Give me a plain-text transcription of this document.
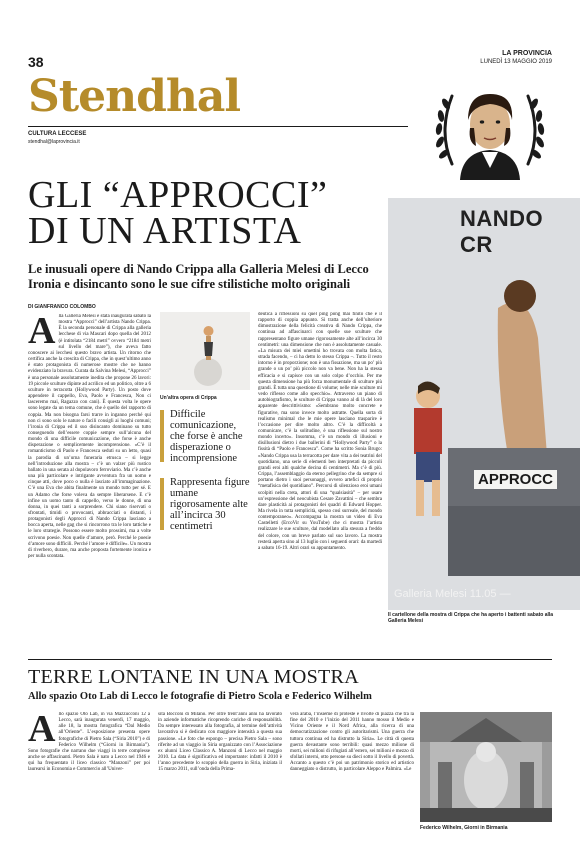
38
LA PROVINCIA
LUNEDÌ 13 MAGGIO 2019
Stendhal
CULTURA LECCESE
stendhal@laprovincia.it
GLI “APPROCCI”
DI UN ARTISTA
Le inusuali opere di Nando Crippa alla Galleria Melesi di Lecco
Ironia e disincanto sono le sue cifre stilistiche molto originali
DI GIANFRANCO COLOMBO
A lla Galleria Melesi è stata inaugurata sabato la mostra “Approcci” dell’artista Nando Crippa. È la seconda personale di Crippa alla galleria lecchese di via Mascari dopo quella del 2012 (è intitolata “2184 metri” ovvero “2184 metri sul livello del mare”), che aveva fatto conoscere ai lecchesi questo bravo artista. Un ritorno che certifica anche la crescita di Crippa, che in quest’ultimo anno è stato protagonista di numerose mostre che ne hanno evidenziato la bravura. Curata da Salvina Melesi, “Approcci” è una personale assolutamente inedita che propone 26 lavori: 19 piccole sculture dipinte ad acrilico ed un politico, oltre a 6 sculture in terracotta (Hollywood Party). Un posto dove appendere il cappello, Eva, Paolo e Francesca, Non ci lasceremo mai, Ragazzo con cani). È questa volta le opere sono legate da un tema comune, che è quello del rapporto di coppia. Ma non bisogna farsi trarre in inganno perché qui non ci sono solo le nature o facili consigli ai luoghi comuni; l’ironia di Crippa ed il suo disincanto dominano su tutto conseguendo dell’essere coppie sempre sull’alcuna del mondo di una difficile comunicazione, che forse è anche disperazione o semplicemente incomprensione. «C’è il romanticismo di Paolo e Francesca seduti su un letto, quasi la parodia di un’urna funeraria etrusca – si legge nell’introduzione alla mostra – c’è un valzer più rustico ballato in una serata al dopolavoro ferroviario. Ma c’è anche una più particolare e intrigante avventura fra un uomo e cinque atti, dove poco o nulla è lasciato all’immaginazione. C’è una Eva che abita finalmente un mondo tutto per sé. E un Adamo che forse voleva da sempre liberarsene. E c’è infine un uomo tanto di cappello, verso le donne, di una donna, in quei tanti a sorprendere. Chi siano riservati o sfrontati, timidi o provocanti, abbracciati o distanti, i protagonisti degli Approcci di Nando Crippa lasciano a bocca aperta, nelle gag che si rincorrono tra le loro tattiche e le loro strategie. Possono essere molto prossimi, ma a volte scrivono poesie. Non quelle d’amore, però. Perché le poesie d’amore sono difficili. Perché l’amore è difficile». Un mostra di riverbero, durare, ma anche proposta fortemente ironica e per nulla scontata.
Un’altra opera di Crippa
Difficile comunicazione, che forse è anche disperazione o incomprensione
Rappresenta figure umane rigorosamente alte all’incirca 30 centimetri
deutica a riflessioni su quel ping pong mai finito che è il rapporto di coppia appunto. Si tratta anche dell’ulteriore dimostrazione della felicità creativa di Nando Crippa, che continua ad affascinarci con quelle sue sculture che rappresentano figure umane rigorosamente alte all’incirca 30 centimetri: una dimensione che non è assolutamente casuale. «La misura dei miei omettini ho trovata con molta fatica, strada facendo, – ci ha detto lo stesso Crippa –. Tutto il resto intorno è in proporzione; non è una fissazione, ma un po’ più grande o un po’ più piccolo non va bene. Non ha la stessa efficacia e si capisce con un solo colpo d’occhio. Per me questa dimensione ha più forza monumentale di sculture più grandi. È tutta una questione di volume; nelle mie sculture mi vedo riflesso come allo specchio». Attraverso un piano di autobiografismo, le sculture di Crippa vanno al di là del loro apparente descrittivismo: «Sembrano molto concrete e figurative, ma sono invece molto astratte. Quella sorta di realismo minimal che le mie opere lasciano trasparire è l’occasione per dire molto altro. C’è la difficoltà a comunicare, c’è la solitudine, è una riflessione sul nostro mondo incerto». Insomma, c’è un mondo di illusioni e disillusioni dietro i due ballerini di “Hollywood Party” o la fissità di “Paolo e Francesca”. Come ha scritto Sonia Brugo: «Nando Crippa usa la terracotta per dare vita a dei teatrini del quotidiano, una serie di elementi ben interpretati da piccoli grandi eroi alti qualche decina di centimetri. Ma c’è di più. Crippa, l’assemblaggio da eterno pellegrino che da sempre si portano dietro i suoi personaggi, ovvero artefici di proprio “metafisica del quotidiano”. Percorsi di silenzioso eroi umani scolpiti nella creta, attori di una “qualsiasità” – per usare un’espressione del neocubista Cesare Zavattini – che sembra dare plasticità ai protagonisti dei quadri di Edward Hopper. Ma rivela in tutta semplicità, spesso così surreale, del mondo contemporaneo». Accompagna la mostra un video di Eva Castelletti (ErcoVir su YouTube) che ci mostra l’artista realizzare le sue sculture, dal modellato alla stesura a freddo del colore, con un breve parlato sul suo lavoro. La mostra resterà aperta sino al 13 luglio con i seguenti orari: da martedì a sabato 16-19. Altri orari su appuntamento.
NANDO CR
APPROCC
Galleria Melesi 11.05 —
Il cartellone della mostra di Crippa che ha aperto i battenti sabato alla Galleria Melesi
TERRE LONTANE IN UNA MOSTRA
Allo spazio Oto Lab di Lecco le fotografie di Pietro Scola e Federico Wilhelm
A llo spazio Oto Lab, in via Mazzucconi 12 a Lecco, sarà inaugurata venerdì, 17 maggio, alle 18, la mostra fotografica “Dal Medio all’Oriente”. L’esposizione presenta opere fotografiche di Pietro Sala (“Siria 2010”) e di Federico Wilhelm (“Giorni in Birmania”). Sono fotografie che narrano due viaggi in terre complesse anche se affascinanti. Pietro Sala è nato a Lecco nel 1946 e qui ha frequentato il liceo classico “Manzoni” per poi laurearsi in Economia e Commercio all’Univer-
sità Bocconi di Milano. Per oltre trent’anni anni ha lavorato in aziende informatiche ricoprendo cariche di responsabilità. Da sempre interessato alla fotografia, al termine dell’attività lavorativa si è dedicato con maggiore intensità a questa sua passione. «Le foto che espongo – precisa Pietro Sala – sono riferite ad un viaggio in Siria organizzato con l’Associazione ex alunni Liceo Classico A. Manzoni di Lecco nel maggio 2010. La data è significativa ed importante: infatti il 2010 è l’anno precedente lo scoppio della guerra in Siria, iniziata il 15 marzo 2011, sull’onda della Prima-
vera araba, l’insieme di proteste e rivolte di piazza che tra la fine del 2010 e l’inizio del 2011 hanno mosso il Medio e Vicino Oriente e il Nord Africa, alla ricerca di una democratizzazione contro gli autoritarismi. Una guerra che tuttora continua ed ha distrutto la Siria». Le città di questa guerra devastante sono terribili: quasi mezzo milione di morti, sei milioni di rifugiati all’estero, sei milioni e mezzo di sfollati interni, otto persone su dieci sotto il livello di povertà. Accanto a questo c’è poi un patrimonio storico ed artistico danneggiato o distrutto, in particolare Aleppo e Palmira. «Le
Federico Wilhelm, Giorni in Birmania
